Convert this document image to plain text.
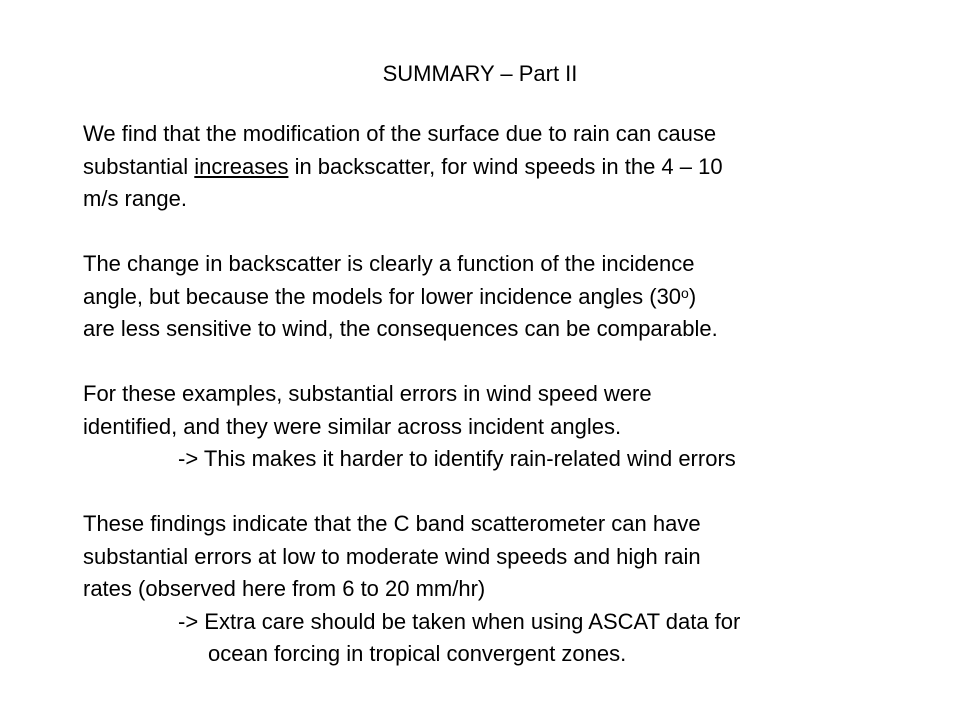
SUMMARY – Part II
We find that the modification of the surface due to rain can cause
substantial increases in backscatter, for wind speeds in the 4 – 10
m/s range.
The change in backscatter is clearly a function of the incidence
angle, but because the models for lower incidence angles (30$^o$)
are less sensitive to wind, the consequences can be comparable.
For these examples, substantial errors in wind speed were
identified, and they were similar across incident angles.
-> This makes it harder to identify rain-related wind errors
These findings indicate that the C band scatterometer can have
substantial errors at low to moderate wind speeds and high rain
rates (observed here from 6 to 20 mm/hr)
-> Extra care should be taken when using ASCAT data for
ocean forcing in tropical convergent zones.
